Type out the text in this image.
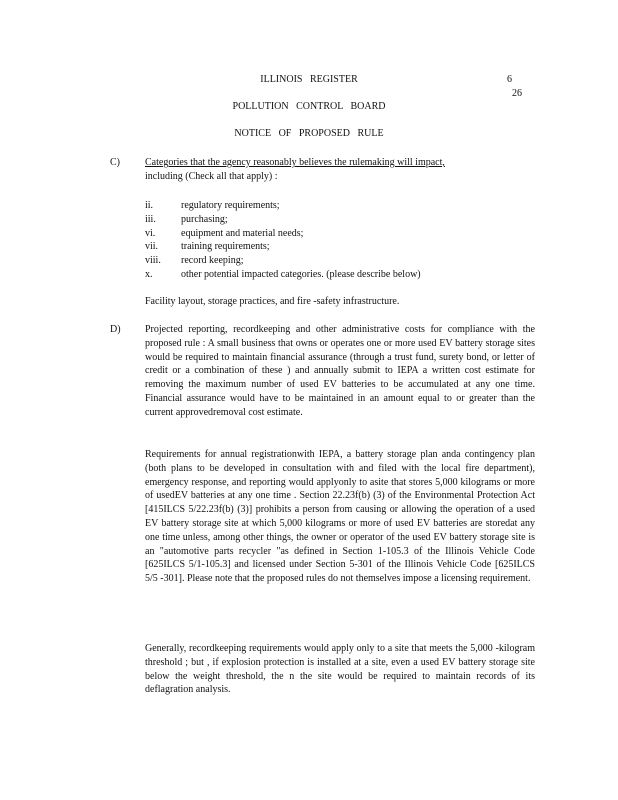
ILLINOIS REGISTER	6
26
POLLUTION CONTROL BOARD
NOTICE OF PROPOSED RULE
C)	Categories that the agency reasonably believes the rulemaking will impact,
including (Check all that apply) :
ii.	regulatory requirements;
iii.	purchasing;
vi.	equipment and material needs;
vii.	training requirements;
viii.	record keeping;
x.	other potential impacted categories. (please describe below)
Facility layout, storage practices, and fire -safety infrastructure.
D) Projected reporting, recordkeeping and other administrative costs for compliance with the proposed rule : A small business that owns or operates one or more used EV battery storage sites would be required to maintain financial assurance (through a trust fund, surety bond, or letter of credit or a combination of these ) and annually submit to IEPA a written cost estimate for removing the maximum number of used EV batteries to be accumulated at any one time. Financial assurance would have to be maintained in an amount equal to or greater than the current approvedremoval cost estimate.
Requirements for annual registrationwith IEPA, a battery storage plan anda contingency plan (both plans to be developed in consultation with and filed with the local fire department), emergency response, and reporting would applyonly to asite that stores 5,000 kilograms or more of usedEV batteries at any one time . Section 22.23f(b) (3) of the Environmental Protection Act [415ILCS 5/22.23f(b) (3)] prohibits a person from causing or allowing the operation of a used EV battery storage site at which 5,000 kilograms or more of used EV batteries are storedat any one time unless, among other things, the owner or operator of the used EV battery storage site is an "automotive parts recycler "as defined in Section 1-105.3 of the Illinois Vehicle Code [625ILCS 5/1-105.3] and licensed under Section 5-301 of the Illinois Vehicle Code [625ILCS 5/5 -301]. Please note that the proposed rules do not themselves impose a licensing requirement.
Generally, recordkeeping requirements would apply only to a site that meets the 5,000 -kilogram threshold ; but , if explosion protection is installed at a site, even a used EV battery storage site below the weight threshold, the n the site would be required to maintain records of its deflagration analysis.
